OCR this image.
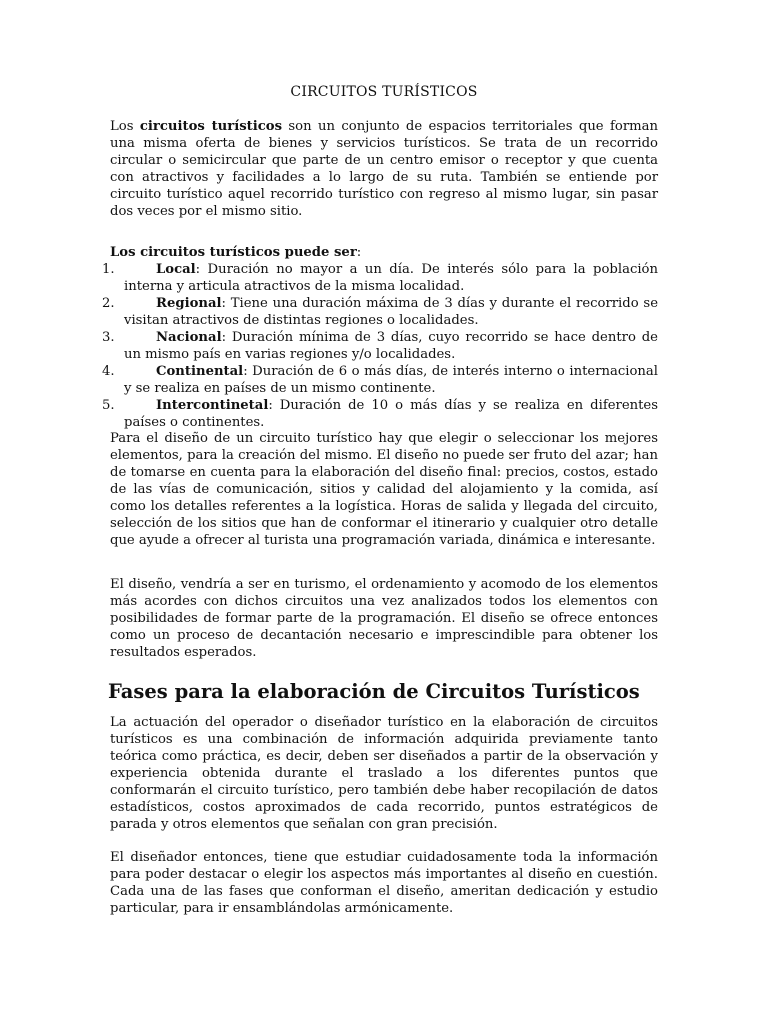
CIRCUITOS TURÍSTICOS

Los circuitos turísticos son un conjunto de espacios territoriales que forman una misma oferta de bienes y servicios turísticos. Se trata de un recorrido circular o semicircular que parte de un centro emisor o receptor y que cuenta con atractivos y facilidades a lo largo de su ruta. También se entiende por circuito turístico aquel recorrido turístico con regreso al mismo lugar, sin pasar dos veces por el mismo sitio.

Los circuitos turísticos puede ser:
1.	Local: Duración no mayor a un día. De interés sólo para la población interna y articula atractivos de la misma localidad.
2.	Regional: Tiene una duración máxima de 3 días y durante el recorrido se visitan atractivos de distintas regiones o localidades.
3.	Nacional: Duración mínima de 3 días, cuyo recorrido se hace dentro de un mismo país en varias regiones y/o localidades.
4.	Continental: Duración de 6 o más días, de interés interno o internacional y se realiza en países de un mismo continente.
5.	Intercontinetal: Duración de 10 o más días y se realiza en diferentes países o continentes.

Para el diseño de un circuito turístico hay que elegir o seleccionar los mejores elementos, para la creación del mismo. El diseño no puede ser fruto del azar; han de tomarse en cuenta para la elaboración del diseño final: precios, costos, estado de las vías de comunicación, sitios y calidad del alojamiento y la comida, así como los detalles referentes a la logística. Horas de salida y llegada del circuito, selección de los sitios que han de conformar el itinerario y cualquier otro detalle que ayude a ofrecer al turista una programación variada, dinámica e interesante.

El diseño, vendría a ser en turismo, el ordenamiento y acomodo de los elementos más acordes con dichos circuitos una vez analizados todos los elementos con posibilidades de formar parte de la programación. El diseño se ofrece entonces como un proceso de decantación necesario e imprescindible para obtener los resultados esperados.

Fases para la elaboración de Circuitos Turísticos

La actuación del operador o diseñador turístico en la elaboración de circuitos turísticos es una combinación de información adquirida previamente tanto teórica como práctica, es decir, deben ser diseñados a partir de la observación y experiencia obtenida durante el traslado a los diferentes puntos que conformarán el circuito turístico, pero también debe haber recopilación de datos estadísticos, costos aproximados de cada recorrido, puntos estratégicos de parada y otros elementos que señalan con gran precisión.

El diseñador entonces, tiene que estudiar cuidadosamente toda la información para poder destacar o elegir los aspectos más importantes al diseño en cuestión. Cada una de las fases que conforman el diseño, ameritan dedicación y estudio particular, para ir ensamblándolas armónicamente.
